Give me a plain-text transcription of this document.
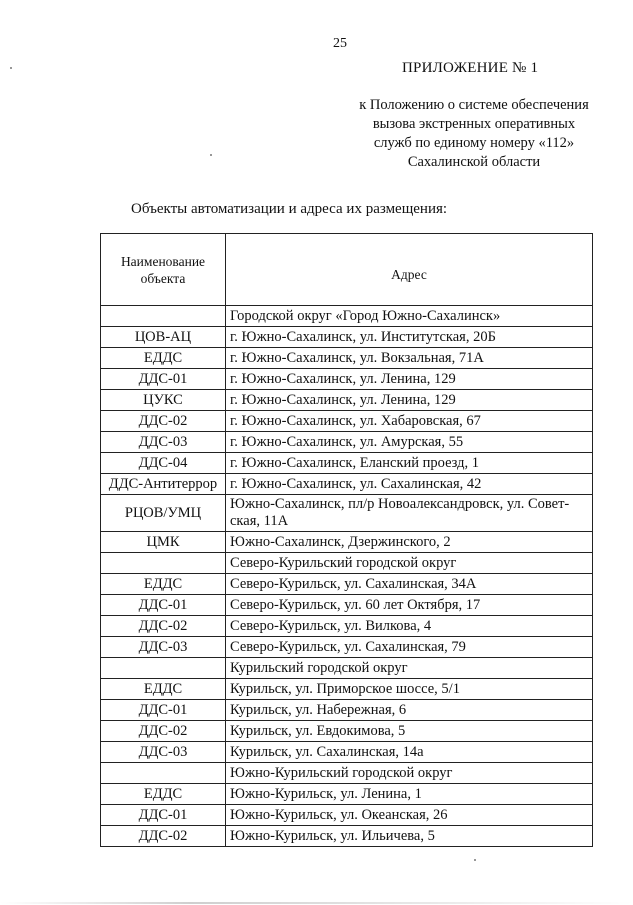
25
ПРИЛОЖЕНИЕ № 1
к Положению о системе обеспечения
вызова экстренных оперативных
служб по единому номеру «112»
Сахалинской области
Объекты автоматизации и адреса их размещения:
Наименование
объекта	Адрес
	Городской округ «Город Южно-Сахалинск»
ЦОВ-АЦ	г. Южно-Сахалинск, ул. Институтская, 20Б
ЕДДС	г. Южно-Сахалинск, ул. Вокзальная, 71А
ДДС-01	г. Южно-Сахалинск, ул. Ленина, 129
ЦУКС	г. Южно-Сахалинск, ул. Ленина, 129
ДДС-02	г. Южно-Сахалинск, ул. Хабаровская, 67
ДДС-03	г. Южно-Сахалинск, ул. Амурская, 55
ДДС-04	г. Южно-Сахалинск, Еланский проезд, 1
ДДС-Антитеррор	г. Южно-Сахалинск, ул. Сахалинская, 42
РЦОВ/УМЦ	Южно-Сахалинск, пл/р Новоалександровск, ул. Совет-ская, 11А
ЦМК	Южно-Сахалинск, Дзержинского, 2
	Северо-Курильский городской округ
ЕДДС	Северо-Курильск, ул. Сахалинская, 34А
ДДС-01	Северо-Курильск, ул. 60 лет Октября, 17
ДДС-02	Северо-Курильск, ул. Вилкова, 4
ДДС-03	Северо-Курильск, ул. Сахалинская, 79
	Курильский городской округ
ЕДДС	Курильск, ул. Приморское шоссе, 5/1
ДДС-01	Курильск, ул. Набережная, 6
ДДС-02	Курильск, ул. Евдокимова, 5
ДДС-03	Курильск, ул. Сахалинская, 14а
	Южно-Курильский городской округ
ЕДДС	Южно-Курильск, ул. Ленина, 1
ДДС-01	Южно-Курильск, ул. Океанская, 26
ДДС-02	Южно-Курильск, ул. Ильичева, 5
